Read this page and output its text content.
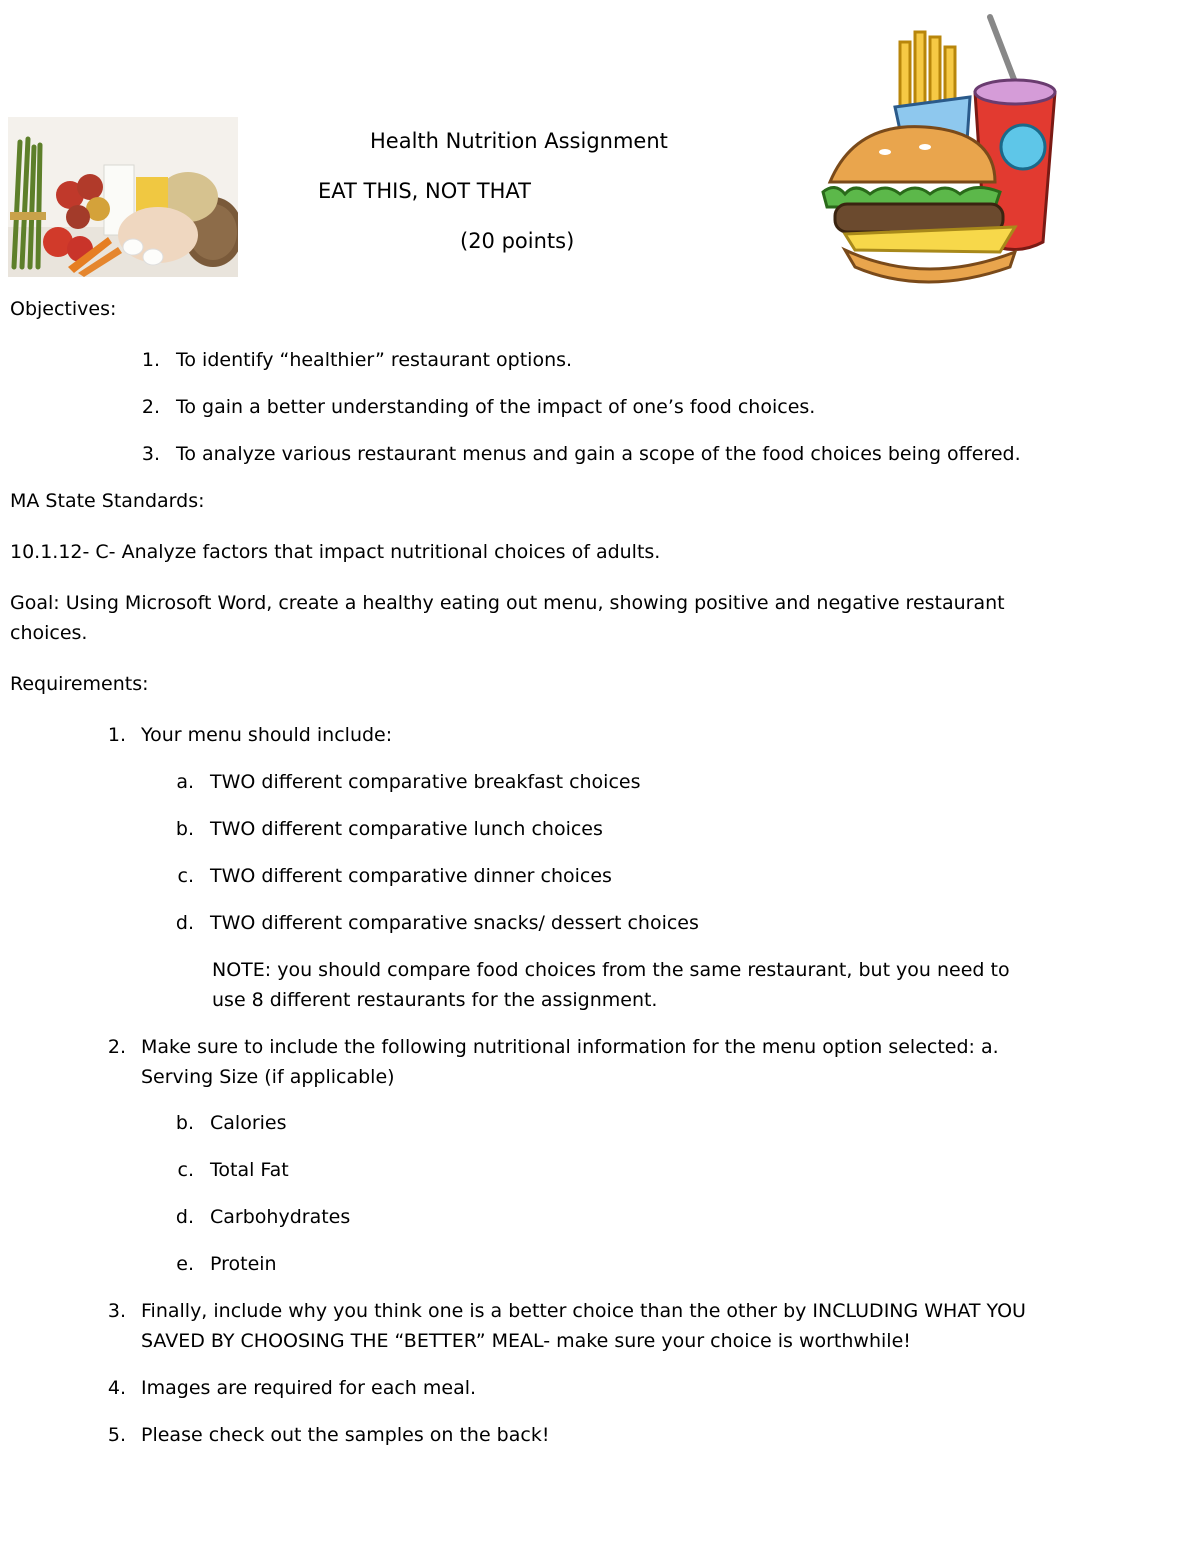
Health Nutrition Assignment
EAT THIS, NOT THAT
(20 points)
Objectives:
1. To identify “healthier” restaurant options.
2. To gain a better understanding of the impact of one’s food choices.
3. To analyze various restaurant menus and gain a scope of the food choices being offered.
MA State Standards:
10.1.12- C- Analyze factors that impact nutritional choices of adults.
Goal: Using Microsoft Word, create a healthy eating out menu, showing positive and negative restaurant
choices.
Requirements:
1. Your menu should include:
a. TWO different comparative breakfast choices
b. TWO different comparative lunch choices
c. TWO different comparative dinner choices
d. TWO different comparative snacks/ dessert choices
NOTE: you should compare food choices from the same restaurant, but you need to
use 8 different restaurants for the assignment.
2. Make sure to include the following nutritional information for the menu option selected: a.
Serving Size (if applicable)
b. Calories
c. Total Fat
d. Carbohydrates
e. Protein
3. Finally, include why you think one is a better choice than the other by INCLUDING WHAT YOU
SAVED BY CHOOSING THE “BETTER” MEAL- make sure your choice is worthwhile!
4. Images are required for each meal.
5. Please check out the samples on the back!
